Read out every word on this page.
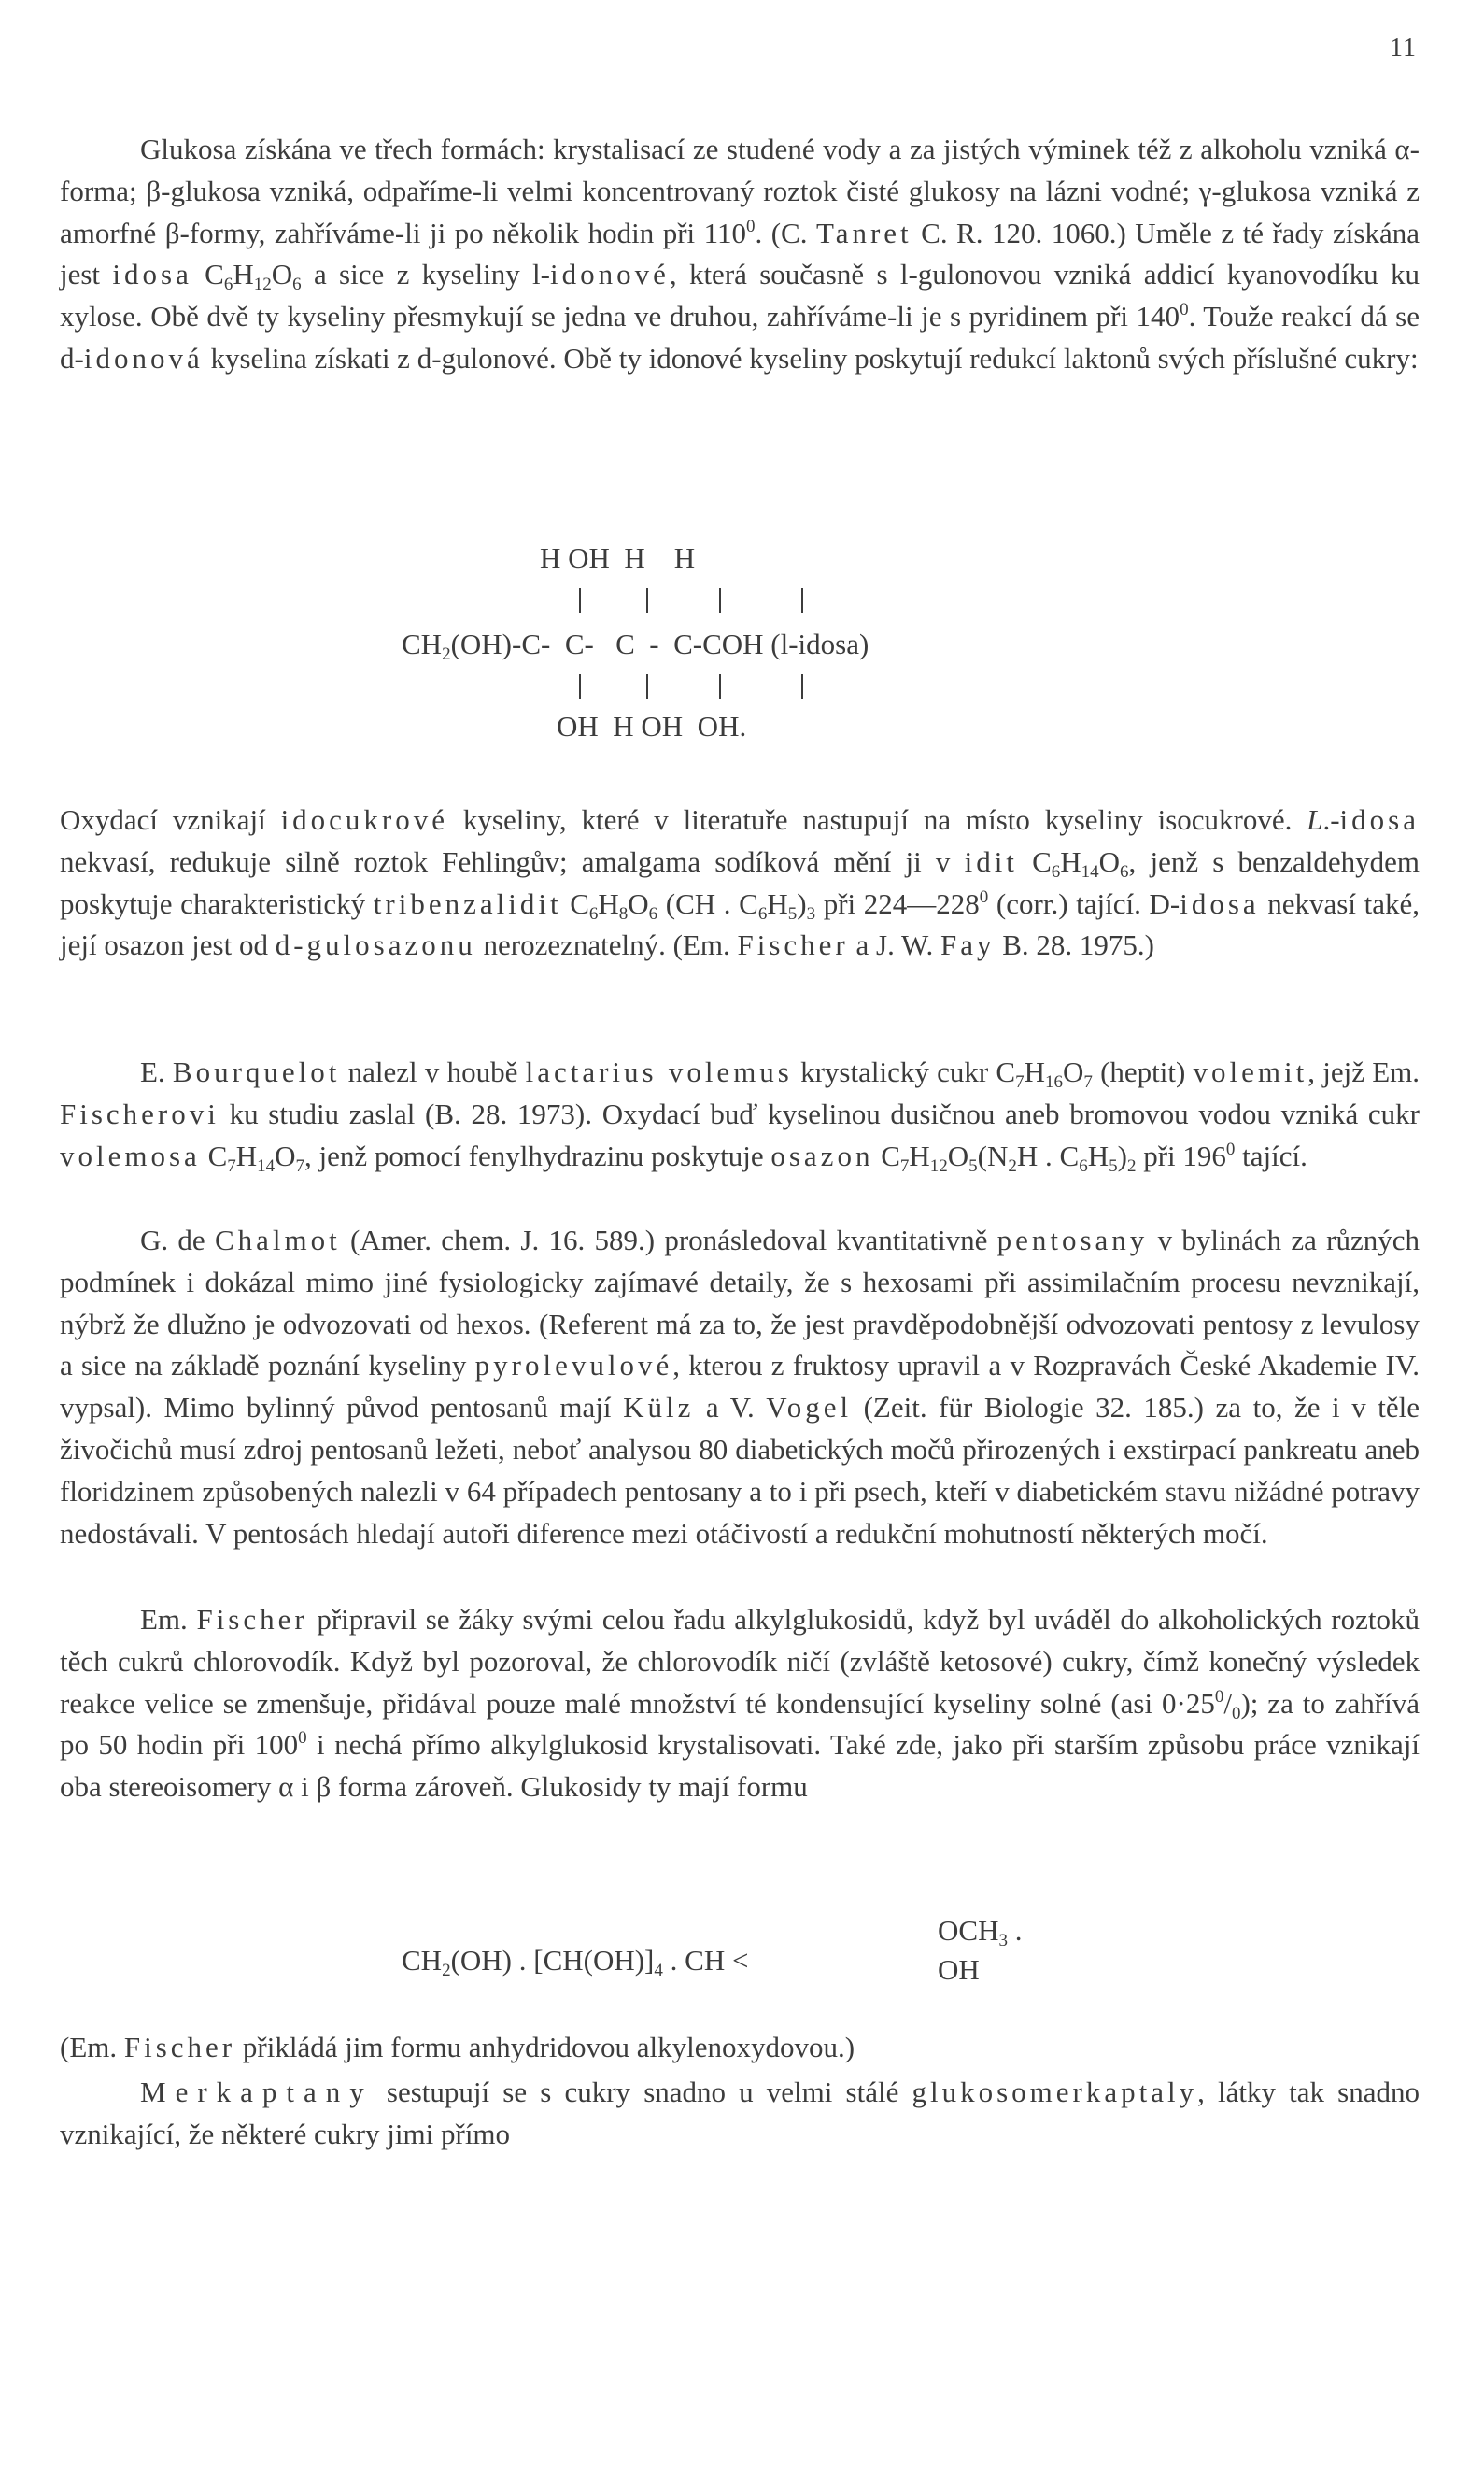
11

Glukosa získána ve třech formách: krystalisací ze studené vody a za jistých výminek též z alkoholu vzniká α-forma; β-glukosa vzniká, odpaříme-li velmi koncentrovaný roztok čisté glukosy na lázni vodné; γ-glukosa vzniká z amorfné β-formy, zahříváme-li ji po několik hodin při $110^0$. (C. Tanret C. R. 120. 1060.) Uměle z té řady získána jest idosa $C_6H_{12}O_6$ a sice z kyseliny l-idonové, která současně s l-gulonovou vzniká addicí kyanovodíku ku xylose. Obě dvě ty kyseliny přesmykují se jedna ve druhou, zahříváme-li je s pyridinem při $140^0$. Touže reakcí dá se d-idonová kyselina získati z d-gulonové. Obě ty idonové kyseliny poskytují redukcí laktonů svých příslušné cukry:

H OH  H    H
$CH_2(OH)-C-$  C-   C  -  C-COH (l-idosa)
OH  H OH  OH.

Oxydací vznikají idocukrové kyseliny, které v literatuře nastupují na místo kyseliny isocukrové. L.-idosa nekvasí, redukuje silně roztok Fehlingův; amalgama sodíková mění ji v idit $C_6H_{14}O_6$, jenž s benzaldehydem poskytuje charakteristický tribenzalidit $C_6H_8O_6$ (CH . $C_6H_5)_3$ při $224—228^0$ (corr.) tající. D-idosa nekvasí také, její osazon jest od d-gulosazonu nerozeznatelný. (Em. Fischer a J. W. Fay B. 28. 1975.)

E. Bourquelot nalezl v houbě lactarius volemus krystalický cukr $C_7H_{16}O_7$ (heptit) volemit, jejž Em. Fischerovi ku studiu zaslal (B. 28. 1973). Oxydací buď kyselinou dusičnou aneb bromovou vodou vzniká cukr volemosa $C_7H_{14}O_7$, jenž pomocí fenylhydrazinu poskytuje osazon $C_7H_{12}O_5(N_2H$ . $C_6H_5)_2$ při $196^0$ tající.

G. de Chalmot (Amer. chem. J. 16. 589.) pronásledoval kvantitativně pentosany v bylinách za různých podmínek i dokázal mimo jiné fysiologicky zajímavé detaily, že s hexosami při assimilačním procesu nevznikají, nýbrž že dlužno je odvozovati od hexos. (Referent má za to, že jest pravděpodobnější odvozovati pentosy z levulosy a sice na základě poznání kyseliny pyrolevulové, kterou z fruktosy upravil a v Rozpravách České Akademie IV. vypsal). Mimo bylinný původ pentosanů mají Külz a V. Vogel (Zeit. für Biologie 32. 185.) za to, že i v těle živočichů musí zdroj pentosanů ležeti, neboť analysou 80 diabetických močů přirozených i exstirpací pankreatu aneb floridzinem způsobených nalezli v 64 případech pentosany a to i při psech, kteří v diabetickém stavu nižádné potravy nedostávali. V pentosách hledají autoři diference mezi otáčivostí a redukční mohutností některých močí.

Em. Fischer připravil se žáky svými celou řadu alkylglukosidů, když byl uváděl do alkoholických roztoků těch cukrů chlorovodík. Když byl pozoroval, že chlorovodík ničí (zvláště ketosové) cukry, čímž konečný výsledek reakce velice se zmenšuje, přidával pouze malé množství té kondensující kyseliny solné (asi $0\cdot 25^0/_0$); za to zahřívá po 50 hodin při $100^0$ i nechá přímo alkylglukosid krystalisovati. Také zde, jako při starším způsobu práce vznikají oba stereoisomery α i β forma zároveň. Glukosidy ty mají formu

$CH_2(OH)$ . $[CH(OH)]_4$ . CH <
$OCH_3$ .
OH

(Em. Fischer přikládá jim formu anhydridovou alkylenoxydovou.)

Merkaptany sestupují se s cukry snadno u velmi stálé glukosomerkaptaly, látky tak snadno vznikající, že některé cukry jimi přímo
